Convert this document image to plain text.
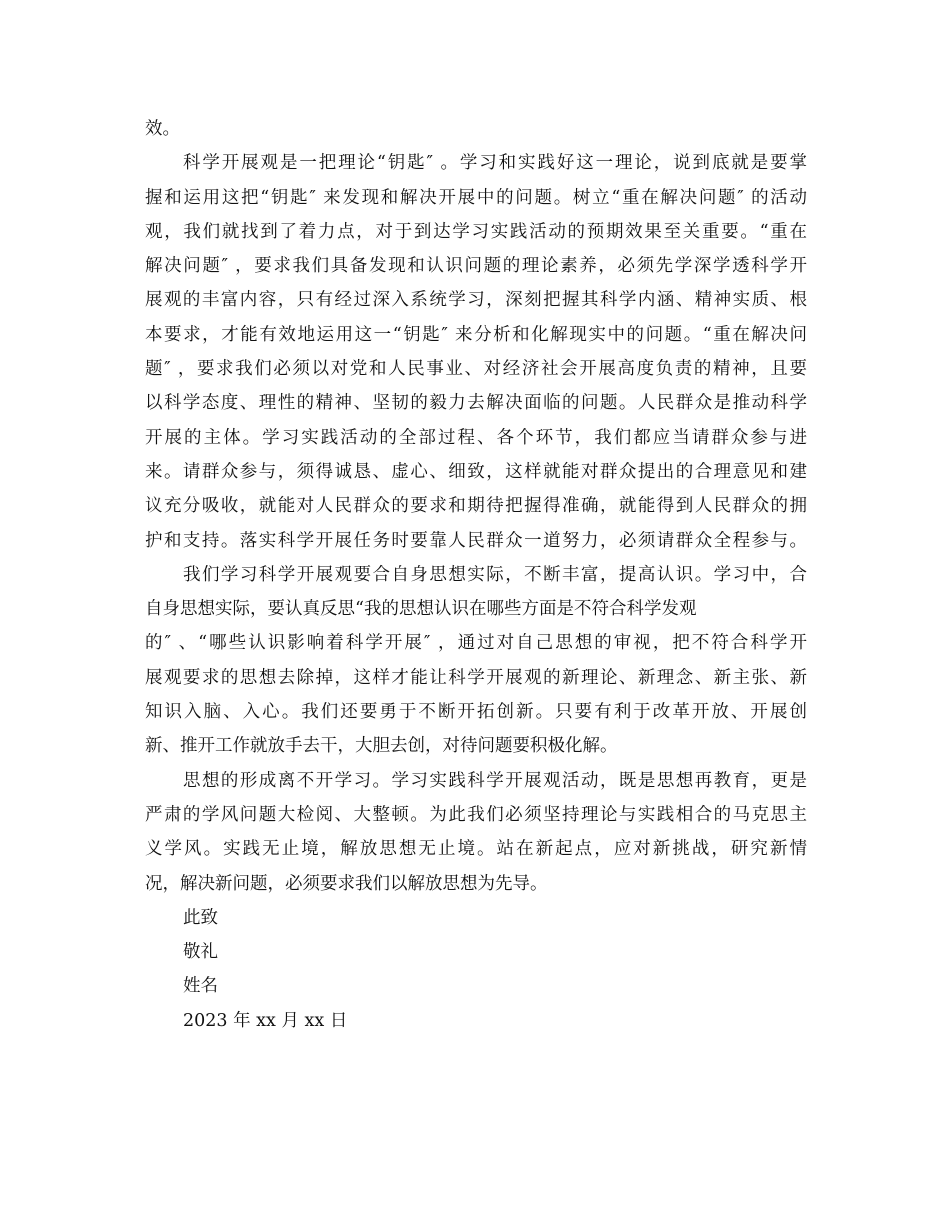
效。
科学开展观是一把理论“钥匙″ 。学习和实践好这一理论，说到底就是要掌
握和运用这把“钥匙″ 来发现和解决开展中的问题。树立“重在解决问题″ 的活动
观，我们就找到了着力点，对于到达学习实践活动的预期效果至关重要。“重在
解决问题″ ，要求我们具备发现和认识问题的理论素养，必须先学深学透科学开
展观的丰富内容，只有经过深入系统学习，深刻把握其科学内涵、精神实质、根
本要求，才能有效地运用这一“钥匙″ 来分析和化解现实中的问题。“重在解决问
题″ ，要求我们必须以对党和人民事业、对经济社会开展高度负责的精神，且要
以科学态度、理性的精神、坚韧的毅力去解决面临的问题。人民群众是推动科学
开展的主体。学习实践活动的全部过程、各个环节，我们都应当请群众参与进
来。请群众参与，须得诚恳、虚心、细致，这样就能对群众提出的合理意见和建
议充分吸收，就能对人民群众的要求和期待把握得准确，就能得到人民群众的拥
护和支持。落实科学开展任务时要靠人民群众一道努力，必须请群众全程参与。
我们学习科学开展观要合自身思想实际，不断丰富，提高认识。学习中，合
自身思想实际，要认真反思“我的思想认识在哪些方面是不符合科学发观
的″ 、“哪些认识影响着科学开展″ ，通过对自己思想的审视，把不符合科学开
展观要求的思想去除掉，这样才能让科学开展观的新理论、新理念、新主张、新
知识入脑、入心。我们还要勇于不断开拓创新。只要有利于改革开放、开展创
新、推开工作就放手去干，大胆去创，对待问题要积极化解。
思想的形成离不开学习。学习实践科学开展观活动，既是思想再教育，更是
严肃的学风问题大检阅、大整顿。为此我们必须坚持理论与实践相合的马克思主
义学风。实践无止境，解放思想无止境。站在新起点，应对新挑战，研究新情
况，解决新问题，必须要求我们以解放思想为先导。
此致
敬礼
姓名
2023 年 xx 月 xx 日
